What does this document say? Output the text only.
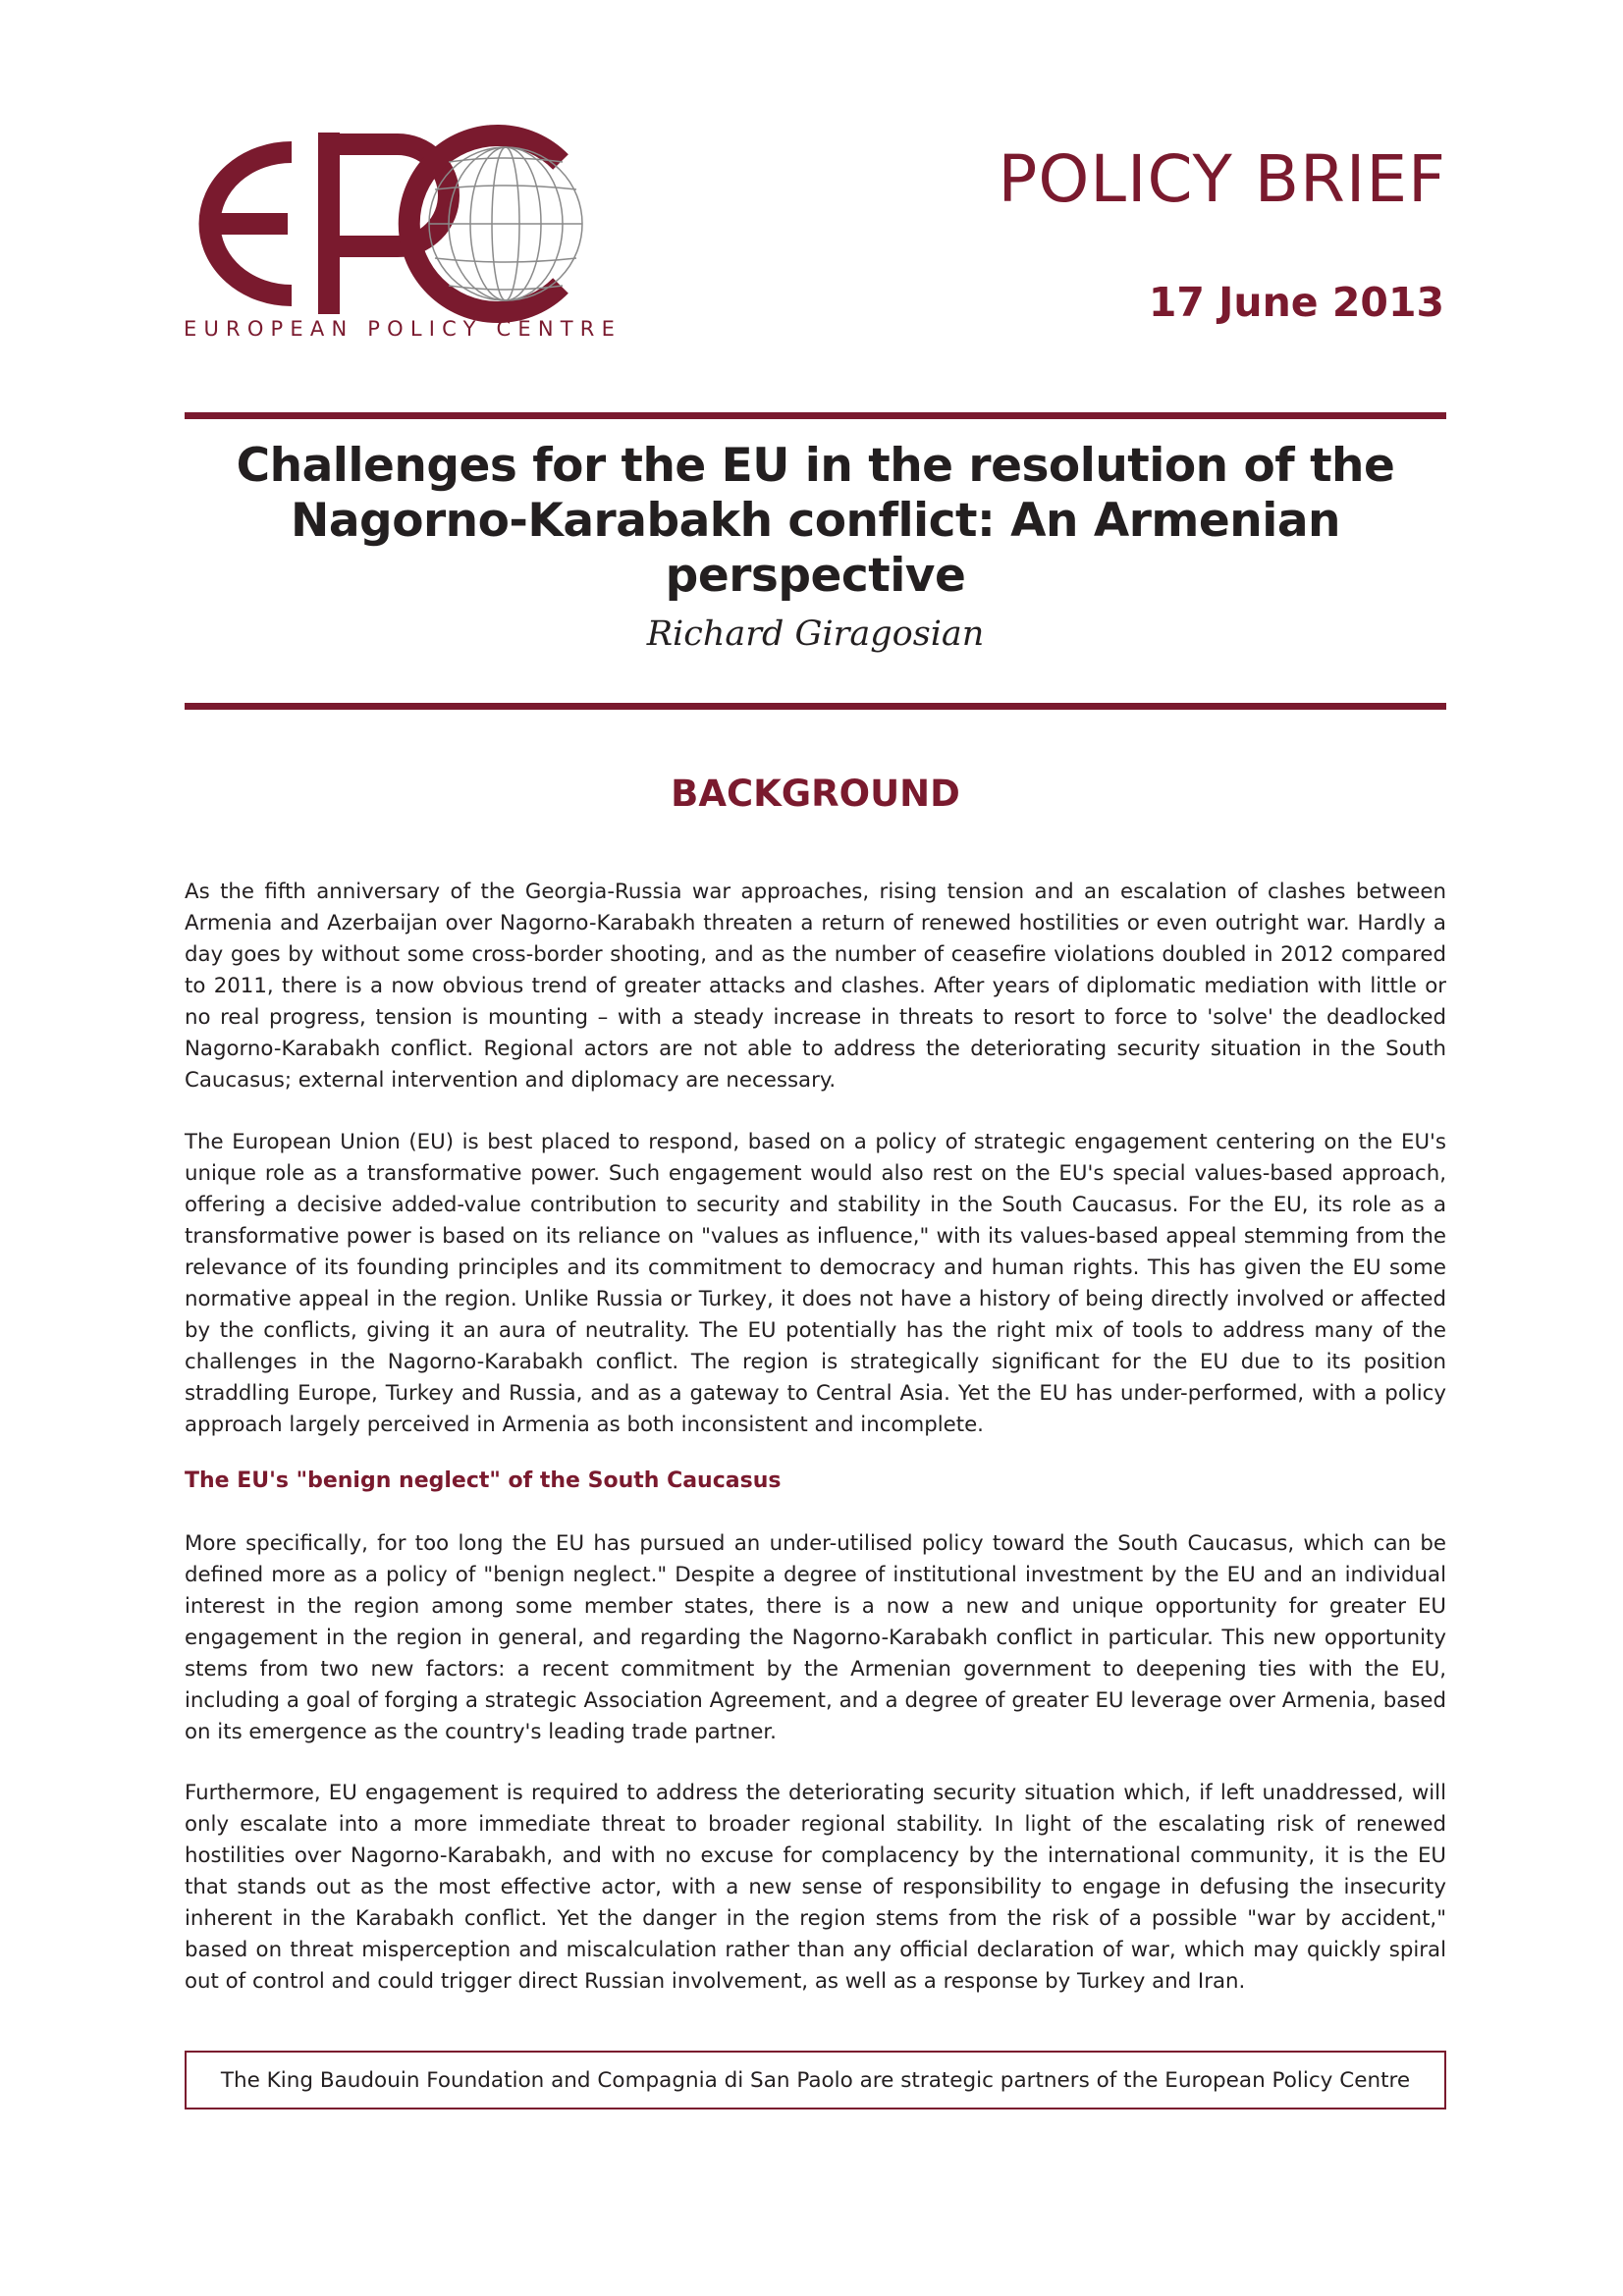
EUROPEAN POLICY CENTRE
POLICY BRIEF
17 June 2013
Challenges for the EU in the resolution of the
Nagorno-Karabakh conflict: An Armenian perspective
Richard Giragosian
BACKGROUND

As the fifth anniversary of the Georgia-Russia war approaches, rising tension and an escalation of clashes between Armenia and Azerbaijan over Nagorno-Karabakh threaten a return of renewed hostilities or even outright war. Hardly a day goes by without some cross-border shooting, and as the number of ceasefire violations doubled in 2012 compared to 2011, there is a now obvious trend of greater attacks and clashes. After years of diplomatic mediation with little or no real progress, tension is mounting – with a steady increase in threats to resort to force to 'solve' the deadlocked Nagorno-Karabakh conflict. Regional actors are not able to address the deteriorating security situation in the South Caucasus; external intervention and diplomacy are necessary.

The European Union (EU) is best placed to respond, based on a policy of strategic engagement centering on the EU's unique role as a transformative power. Such engagement would also rest on the EU's special values-based approach, offering a decisive added-value contribution to security and stability in the South Caucasus. For the EU, its role as a transformative power is based on its reliance on "values as influence," with its values-based appeal stemming from the relevance of its founding principles and its commitment to democracy and human rights. This has given the EU some normative appeal in the region. Unlike Russia or Turkey, it does not have a history of being directly involved or affected by the conflicts, giving it an aura of neutrality. The EU potentially has the right mix of tools to address many of the challenges in the Nagorno-Karabakh conflict. The region is strategically significant for the EU due to its position straddling Europe, Turkey and Russia, and as a gateway to Central Asia. Yet the EU has under-performed, with a policy approach largely perceived in Armenia as both inconsistent and incomplete.

The EU's "benign neglect" of the South Caucasus

More specifically, for too long the EU has pursued an under-utilised policy toward the South Caucasus, which can be defined more as a policy of "benign neglect." Despite a degree of institutional investment by the EU and an individual interest in the region among some member states, there is a now a new and unique opportunity for greater EU engagement in the region in general, and regarding the Nagorno-Karabakh conflict in particular. This new opportunity stems from two new factors: a recent commitment by the Armenian government to deepening ties with the EU, including a goal of forging a strategic Association Agreement, and a degree of greater EU leverage over Armenia, based on its emergence as the country's leading trade partner.

Furthermore, EU engagement is required to address the deteriorating security situation which, if left unaddressed, will only escalate into a more immediate threat to broader regional stability. In light of the escalating risk of renewed hostilities over Nagorno-Karabakh, and with no excuse for complacency by the international community, it is the EU that stands out as the most effective actor, with a new sense of responsibility to engage in defusing the insecurity inherent in the Karabakh conflict. Yet the danger in the region stems from the risk of a possible "war by accident," based on threat misperception and miscalculation rather than any official declaration of war, which may quickly spiral out of control and could trigger direct Russian involvement, as well as a response by Turkey and Iran.

The King Baudouin Foundation and Compagnia di San Paolo are strategic partners of the European Policy Centre
